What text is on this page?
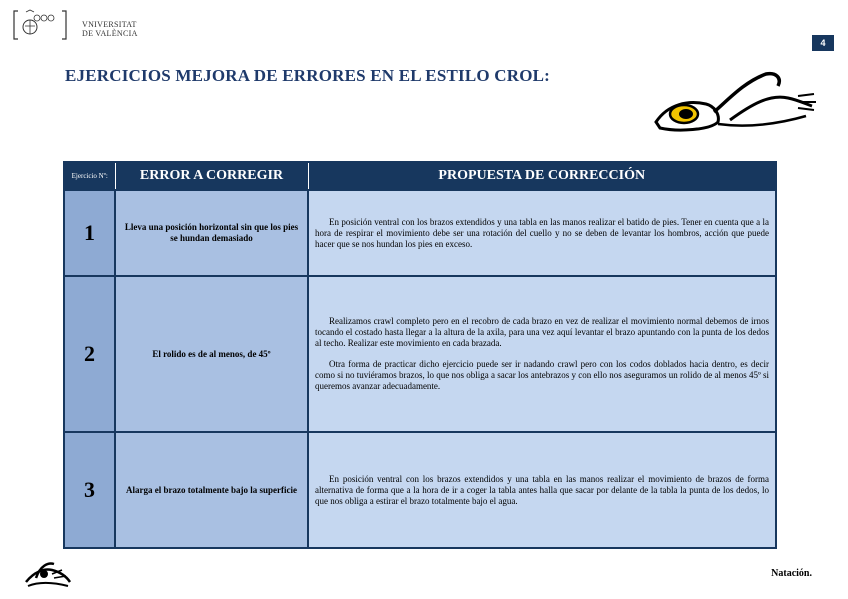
VNIVERSITAT
DE VALÈNCIA
4
EJERCICIOS MEJORA DE ERRORES EN EL ESTILO CROL:
Ejercicio Nº:	ERROR A CORREGIR	PROPUESTA DE CORRECCIÓN
1	Lleva una posición horizontal sin que los pies se hundan demasiado	En posición ventral con los brazos extendidos y una tabla en las manos realizar el batido de pies. Tener en cuenta que a la hora de respirar el movimiento debe ser una rotación del cuello y no se deben de levantar los hombros, acción que puede hacer que se nos hundan los pies en exceso.

2	El rolido es de al menos, de 45º	Realizamos crawl completo pero en el recobro de cada brazo en vez de realizar el movimiento normal debemos de irnos tocando el costado hasta llegar a la altura de la axila, para una vez aquí levantar el brazo apuntando con la punta de los dedos al techo. Realizar este movimiento en cada brazada.

Otra forma de practicar dicho ejercicio puede ser ir nadando crawl pero con los codos doblados hacia dentro, es decir como si no tuviéramos brazos, lo que nos obliga a sacar los antebrazos y con ello nos aseguramos un rolido de al menos 45º si queremos avanzar adecuadamente.

3	Alarga el brazo totalmente bajo la superficie	En posición ventral con los brazos extendidos y una tabla en las manos realizar el movimiento de brazos de forma alternativa de forma que a la hora de ir a coger la tabla antes halla que sacar por delante de la tabla la punta de los dedos, lo que nos obliga a estirar el brazo totalmente bajo el agua.

Natación.
